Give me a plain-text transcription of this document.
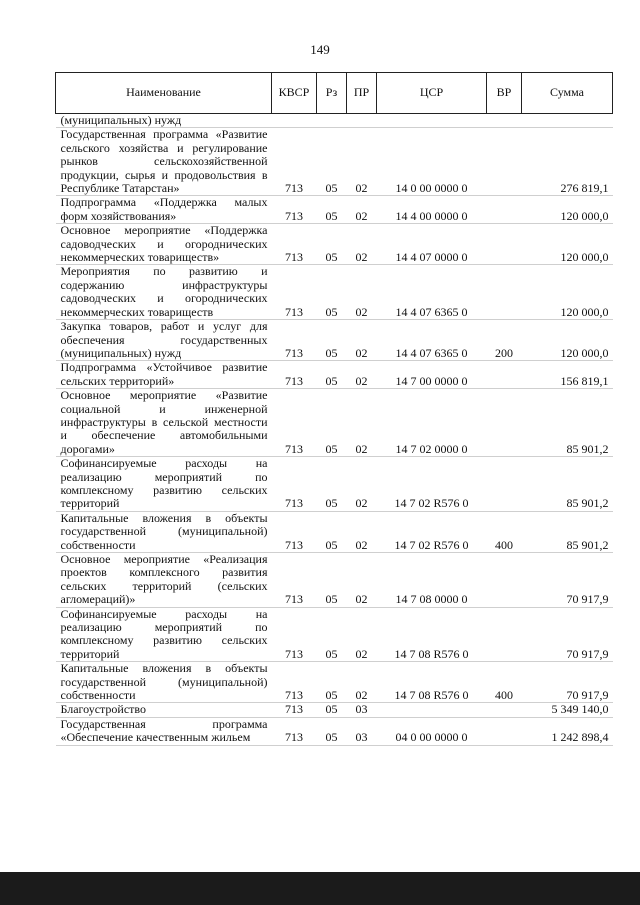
149
Наименование	КВСР	Рз	ПР	ЦСР	ВР	Сумма
(муниципальных) нужд						
Государственная программа «Развитие сельского хозяйства и регулирование рынков сельскохозяйственной продукции, сырья и продовольствия в Республике Татарстан»	713	05	02	14 0 00 0000 0		276 819,1
Подпрограмма «Поддержка малых форм хозяйствования»	713	05	02	14 4 00 0000 0		120 000,0
Основное мероприятие «Поддержка садоводческих и огороднических некоммерческих товариществ»	713	05	02	14 4 07 0000 0		120 000,0
Мероприятия по развитию и содержанию инфраструктуры садоводческих и огороднических некоммерческих товариществ	713	05	02	14 4 07 6365 0		120 000,0
Закупка товаров, работ и услуг для обеспечения государственных (муниципальных) нужд	713	05	02	14 4 07 6365 0	200	120 000,0
Подпрограмма «Устойчивое развитие сельских территорий»	713	05	02	14 7 00 0000 0		156 819,1
Основное мероприятие «Развитие социальной и инженерной инфраструктуры в сельской местности и обеспечение автомобильными дорогами»	713	05	02	14 7 02 0000 0		85 901,2
Софинансируемые расходы на реализацию мероприятий по комплексному развитию сельских территорий	713	05	02	14 7 02 R576 0		85 901,2
Капитальные вложения в объекты государственной (муниципальной) собственности	713	05	02	14 7 02 R576 0	400	85 901,2
Основное мероприятие «Реализация проектов комплексного развития сельских территорий (сельских агломераций)»	713	05	02	14 7 08 0000 0		70 917,9
Софинансируемые расходы на реализацию мероприятий по комплексному развитию сельских территорий	713	05	02	14 7 08 R576 0		70 917,9
Капитальные вложения в объекты государственной (муниципальной) собственности	713	05	02	14 7 08 R576 0	400	70 917,9
Благоустройство	713	05	03			5 349 140,0
Государственная программа «Обеспечение качественным жильем	713	05	03	04 0 00 0000 0		1 242 898,4
